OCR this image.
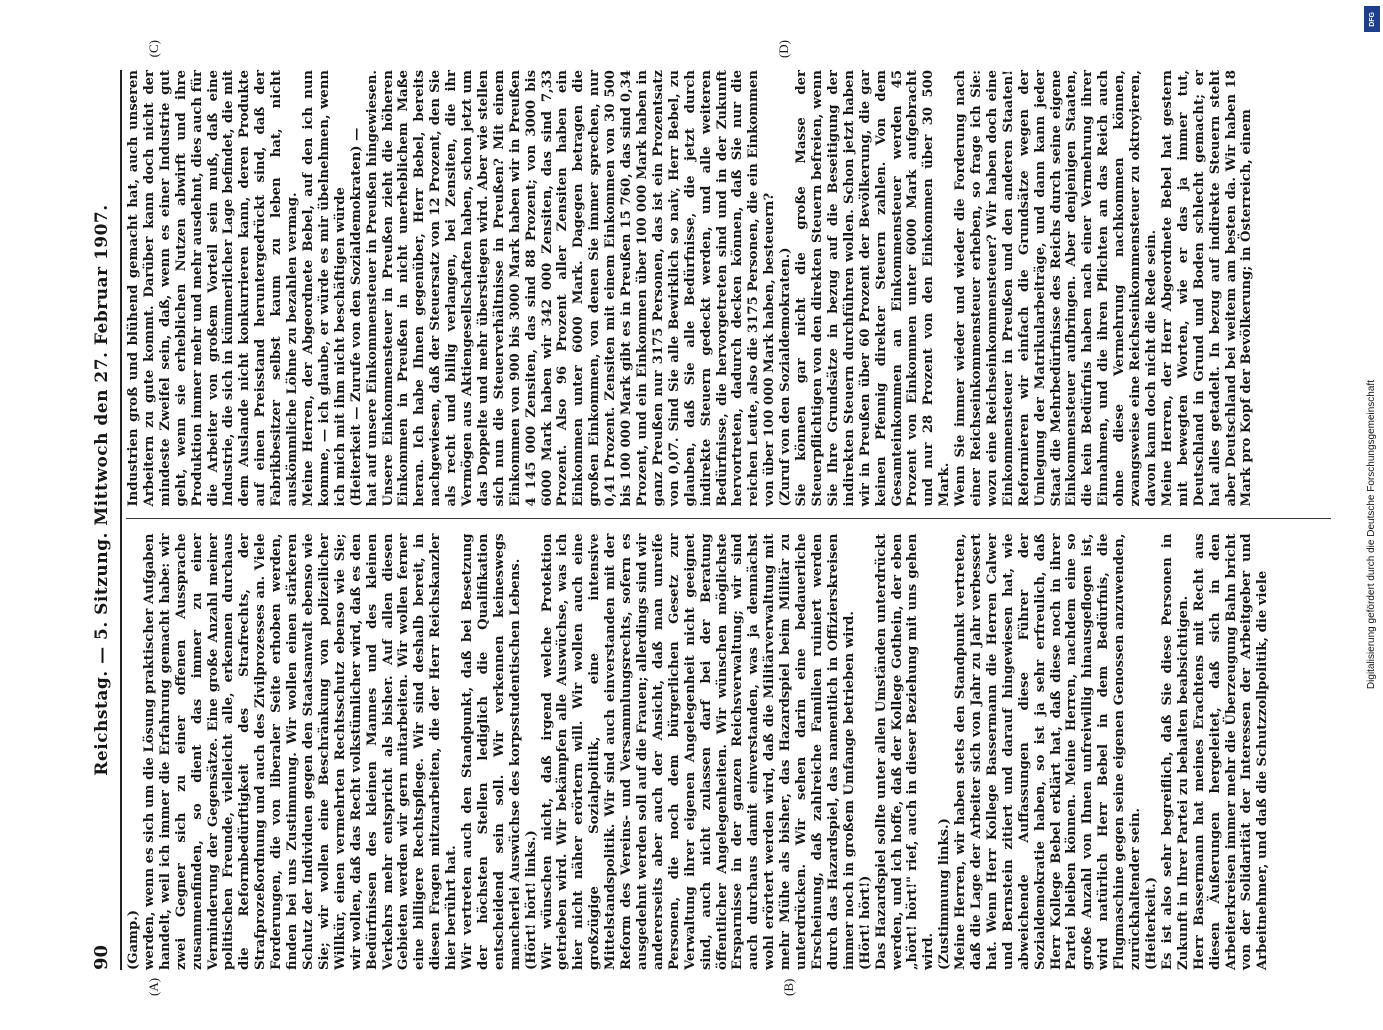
90
Reichstag. — 5. Sitzung. Mittwoch den 27. Februar 1907.
(A)	(B)

(Gamp.)
werden, wenn es sich um die Lösung praktischer Aufgaben handelt, weil ich immer die Erfahrung gemacht habe: wir zwei Gegner sich zu einer offenen Aussprache zusammenfinden, so dient das immer zu einer Verminderung der Gegensätze. Eine große Anzahl meiner politischen Freunde, vielleicht alle, erkennen durchaus die Reformbedürftigkeit des Strafrechts, der Strafprozeßordnung und auch des Zivilprozesses an. Viele Forderungen, die von liberaler Seite erhoben werden, finden bei uns Zustimmung. Wir wollen einen stärkeren Schutz der Individuen gegen den Staatsanwalt ebenso wie Sie; wir wollen eine Beschränkung von polizeilicher Willkür, einen vermehrten Rechtsschutz ebenso wie Sie; wir wollen, daß das Recht volkstümlicher wird, daß es den Bedürfnissen des kleinen Mannes und des kleinen Verkehrs mehr entspricht als bisher. Auf allen diesen Gebieten werden wir gern mitarbeiten. Wir wollen ferner eine billigere Rechtspflege. Wir sind deshalb bereit, in diesen Fragen mitzuarbeiten, die der Herr Reichskanzler hier berührt hat.
Wir vertreten auch den Standpunkt, daß bei Besetzung der höchsten Stellen lediglich die Qualifikation entscheidend sein soll. Wir verkennen keineswegs mancherlei Auswüchse des korpsstudentischen Lebens.
(Hört! hört! links.)
Wir wünschen nicht, daß irgend welche Protektion getrieben wird. Wir bekämpfen alle Auswüchse, was ich hier nicht näher erörtern will. Wir wollen auch eine großzügige Sozialpolitik, eine intensive Mittelstandspolitik. Wir sind auch einverstanden mit der Reform des Vereins- und Versammlungsrechts, sofern es ausgedehnt werden soll auf die Frauen; allerdings sind wir andererseits aber auch der Ansicht, daß man unreife Personen, die noch dem bürgerlichen Gesetz zur Verwaltung ihrer eigenen Angelegenheit nicht geeignet sind, auch nicht zulassen darf bei der Beratung öffentlicher Angelegenheiten. Wir wünschen möglichste Ersparnisse in der ganzen Reichsverwaltung; wir sind auch durchaus damit einverstanden, was ja demnächst wohl erörtert werden wird, daß die Militärverwaltung mit mehr Mühe als bisher, das Hazardspiel beim Militär zu unterdrücken. Wir sehen darin eine bedauerliche Erscheinung, daß zahlreiche Familien ruiniert werden durch das Hazardspiel, das namentlich in Offizierskreisen immer noch in großem Umfange betrieben wird.
(Hört! hört!)
Das Hazardspiel sollte unter allen Umständen unterdrückt werden, und ich hoffe, daß der Kollege Gothein, der eben „hört! hört!" rief, auch in dieser Beziehung mit uns gehen wird.
(Zustimmung links.)
Meine Herren, wir haben stets den Standpunkt vertreten, daß die Lage der Arbeiter sich von Jahr zu Jahr verbessert hat. Wenn Herr Kollege Bassermann die Herren Calwer und Bernstein zitiert und darauf hingewiesen hat, wie abweichende Auffassungen diese Führer der Sozialdemokratie haben, so ist ja sehr erfreulich, daß Herr Kollege Bebel erklärt hat, daß diese noch in ihrer Partei bleiben können. Meine Herren, nachdem eine so große Anzahl von Ihnen unfreiwillig hinausgeflogen ist, wird natürlich Herr Bebel in dem Bedürfnis, die Flugmaschine gegen seine eigenen Genossen anzuwenden, zurückhaltender sein.
(Heiterkeit.)
Es ist also sehr begreiflich, daß Sie diese Personen in Zukunft in Ihrer Partei zu behalten beabsichtigen.
Herr Bassermann hat meines Erachtens mit Recht aus diesen Äußerungen hergeleitet, daß sich in den Arbeiterkreisen immer mehr die Überzeugung Bahn bricht von der Solidarität der Interessen der Arbeitgeber und Arbeitnehmer, und daß die Schutzzollpolitik, die viele

(C)	(D)

Industrien groß und blühend gemacht hat, auch unseren Arbeitern zu gute kommt. Darüber kann doch nicht der mindeste Zweifel sein, daß, wenn es einer Industrie gut geht, wenn sie erheblichen Nutzen abwirft und ihre Produktion immer mehr und mehr ausdehnt, dies auch für die Arbeiter von großem Vorteil sein muß, daß eine Industrie, die sich in kümmerlicher Lage befindet, die mit dem Auslande nicht konkurrieren kann, deren Produkte auf einen Preisstand heruntergedrückt sind, daß der Fabrikbesitzer selbst kaum zu leben hat, nicht auskömmliche Löhne zu bezahlen vermag.
Meine Herren, der Abgeordnete Bebel, auf den ich nun komme, — ich glaube, er würde es mir übelnehmen, wenn ich mich mit ihm nicht beschäftigen würde
(Heiterkeit — Zurufe von den Sozialdemokraten) —
hat auf unsere Einkommensteuer in Preußen hingewiesen. Unsere Einkommensteuer in Preußen zieht die höheren Einkommen in Preußen in nicht unerheblichem Maße heran. Ich habe Ihnen gegenüber, Herr Bebel, bereits nachgewiesen, daß der Steuersatz von 12 Prozent, den Sie als recht und billig verlangen, bei Zensiten, die ihr Vermögen aus Aktiengesellschaften haben, schon jetzt um das Doppelte und mehr überstiegen wird. Aber wie stellen sich nun die Steuerverhältnisse in Preußen? Mit einem Einkommen von 900 bis 3000 Mark haben wir in Preußen 4 145 000 Zensiten, das sind 88 Prozent; von 3000 bis 6000 Mark haben wir 342 000 Zensiten, das sind 7,33 Prozent. Also 96 Prozent aller Zensiten haben ein Einkommen unter 6000 Mark. Dagegen betragen die großen Einkommen, von denen Sie immer sprechen, nur 0,41 Prozent. Zensiten mit einem Einkommen von 30 500 bis 100 000 Mark gibt es in Preußen 15 760, das sind 0,34 Prozent, und ein Einkommen über 100 000 Mark haben in ganz Preußen nur 3175 Personen, das ist ein Prozentsatz von 0,07. Sind Sie alle Bewirklich so naiv, Herr Bebel, zu glauben, daß Sie alle Bedürfnisse, die jetzt durch indirekte Steuern gedeckt werden, und alle weiteren Bedürfnisse, die hervorgetreten sind und in der Zukunft hervortreten, dadurch decken können, daß Sie nur die reichen Leute, also die 3175 Personen, die ein Einkommen von über 100 000 Mark haben, besteuern?
(Zuruf von den Sozialdemokraten.)
Sie können gar nicht die große Masse der Steuerpflichtigen von den direkten Steuern befreien, wenn Sie Ihre Grundsätze in bezug auf die Beseitigung der indirekten Steuern durchführen wollen. Schon jetzt haben wir in Preußen über 60 Prozent der Bevölkerung, die gar keinen Pfennig direkter Steuern zahlen. Von dem Gesamteinkommen an Einkommensteuer werden 45 Prozent von Einkommen unter 6000 Mark aufgebracht und nur 28 Prozent von den Einkommen über 30 500 Mark.
Wenn Sie immer wieder und wieder die Forderung nach einer Reichseinkommensteuer erheben, so frage ich Sie: wozu eine Reichseinkommensteuer? Wir haben doch eine Einkommensteuer in Preußen und den anderen Staaten! Reformieren wir einfach die Grundsätze wegen der Umlegung der Matrikularbeiträge, und dann kann jeder Staat die Mehrbedürfnisse des Reichs durch seine eigene Einkommensteuer aufbringen. Aber denjenigen Staaten, die kein Bedürfnis haben nach einer Vermehrung ihrer Einnahmen, und die ihren Pflichten an das Reich auch ohne diese Vermehrung nachkommen können, zwangsweise eine Reichseinkommensteuer zu oktroyieren, davon kann doch nicht die Rede sein.
Meine Herren, der Herr Abgeordnete Bebel hat gestern mit bewegten Worten, wie er das ja immer tut, Deutschland in Grund und Boden schlecht gemacht; er hat alles getadelt. In bezug auf indirekte Steuern steht aber Deutschland bei weitem am besten da. Wir haben 18 Mark pro Kopf der Bevölkerung; in Österreich, einem

DFG
Digitalisierung gefördert durch die Deutsche Forschungsgemeinschaft
